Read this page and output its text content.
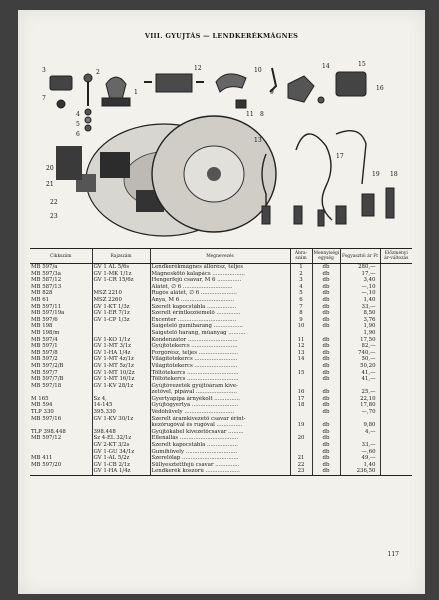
VIII. GYUJTÁS — LENDKERÉKMÁGNES
3
7
4
5
6
2
1
12	10
9
11 8
14	15
16
13
17
19 18
20
21
22
23
Cikkszám	Rajzszám	Megnevezés	Ábra-szám	Mennyiségi egység	Fogyasztói ár Ft	Előzményi ár-változás
MB 597/a	GV 1 AL 5/6s	Lendkerékmágnes állórész, teljes	1	db	280,—	
MB 597/3a	GV 1-MK 1/1z	Mágneskötő kalapács ...................	2	db	17,—	
MB 587/12	GV 1-CR 15/6z	Hengerfejű csavar, M 6 ..............	3	db	3,40	
MB 587/13		Alátét, ∅ 6 .............................	4	db	—,10	
MB 828	MSZ 2210	Rugós alátét, ∅ 6 .....................	5	db	—,10	
MB 61	MSZ 2260	Anya, M 6 ...............................	6	db	1,40	
MB 597/11	GV 1-KT 1/3z	Szerelt kapocstábla .................	7	db	33,—	
MB 597/19a	GV 1-ER 7/1z	Szerelt érintkezőemelő ..............	8	db	8,50	
MB 597/6	GV 1-CP 1/3z	Excenter ..................................	9	db	3,76	
MB 198		Saigetelő gumiharang .................	10	db	1,90	
MB 198/m		Saigetelő harang, műanyag ..........			1,90	
MB 597/4	GV 1-KO 1/1z	Kondenzátor .............................	11	db	17,50	
MB 597/1	GV 1-MT 3/1z	Gyújtótekercs ...........................	12	db	82,—	
MB 597/8	GV 1-HA 1/4z	Forgórész, teljes .......................	13	db	740,—	
MB 597/2	GV 1-MT 4z/1z	Világítótekercs .........................	14	db	50,—	
MB 597/2/B	GV 1-MT 5z/1z	Világítótekercs .........................		db	50,20	
MB 597/7	GV 1-MT 10/2z	Töltőtekercs ..............................	15	db	41,—	
MB 597/7/B	GV 1-MT 16/1z	Töltőtekercs ..............................		db	41,—	
MB 597/18	GV 1-KV 28/1z	Gyújtóvezeték gyújtóáram kive-				
		zetővel, pipával ........................	16	db	25,—	
M 165	Sz 4,	Gyertyapipa árnyékolt ...............	17	db	22,10	
MB 594	14-145	Gyújtógyertya ...........................	18	db	17,80	
TLP 330	395.330	Védőhüvely .............................		db	—,70	
MB 597/16	GV 1-KV 30/1z	Szerelt áramkivezető csavar érint-				
		kezőrugóval és rugóval ...............	19	db	9,80	
TLP 398.448	398.448	Gyújtókábel kivezetőcsavar .........		db	4,—	
MB 597/12	Sz 4-EL 32/1z	Ellenállás ..................................	20	db		
	GV 2-KT 3/2s	Szerelt kapocstábla ..................		db	33,—	
	GV 1-GU 34/1z	Gumihüvely ..............................		db	—,60	
MB 411	GV 1-AL 5/2z	Szerelőlap .................................	21	db	49,—	
MB 597/20	GV 1-CB 2/1z	Süllyesztettfejű csavar ..............	22	db	1,40	
	GV 1-HA 1/4z	Lendkerék koszorú ....................	23	db	236,50	
117
